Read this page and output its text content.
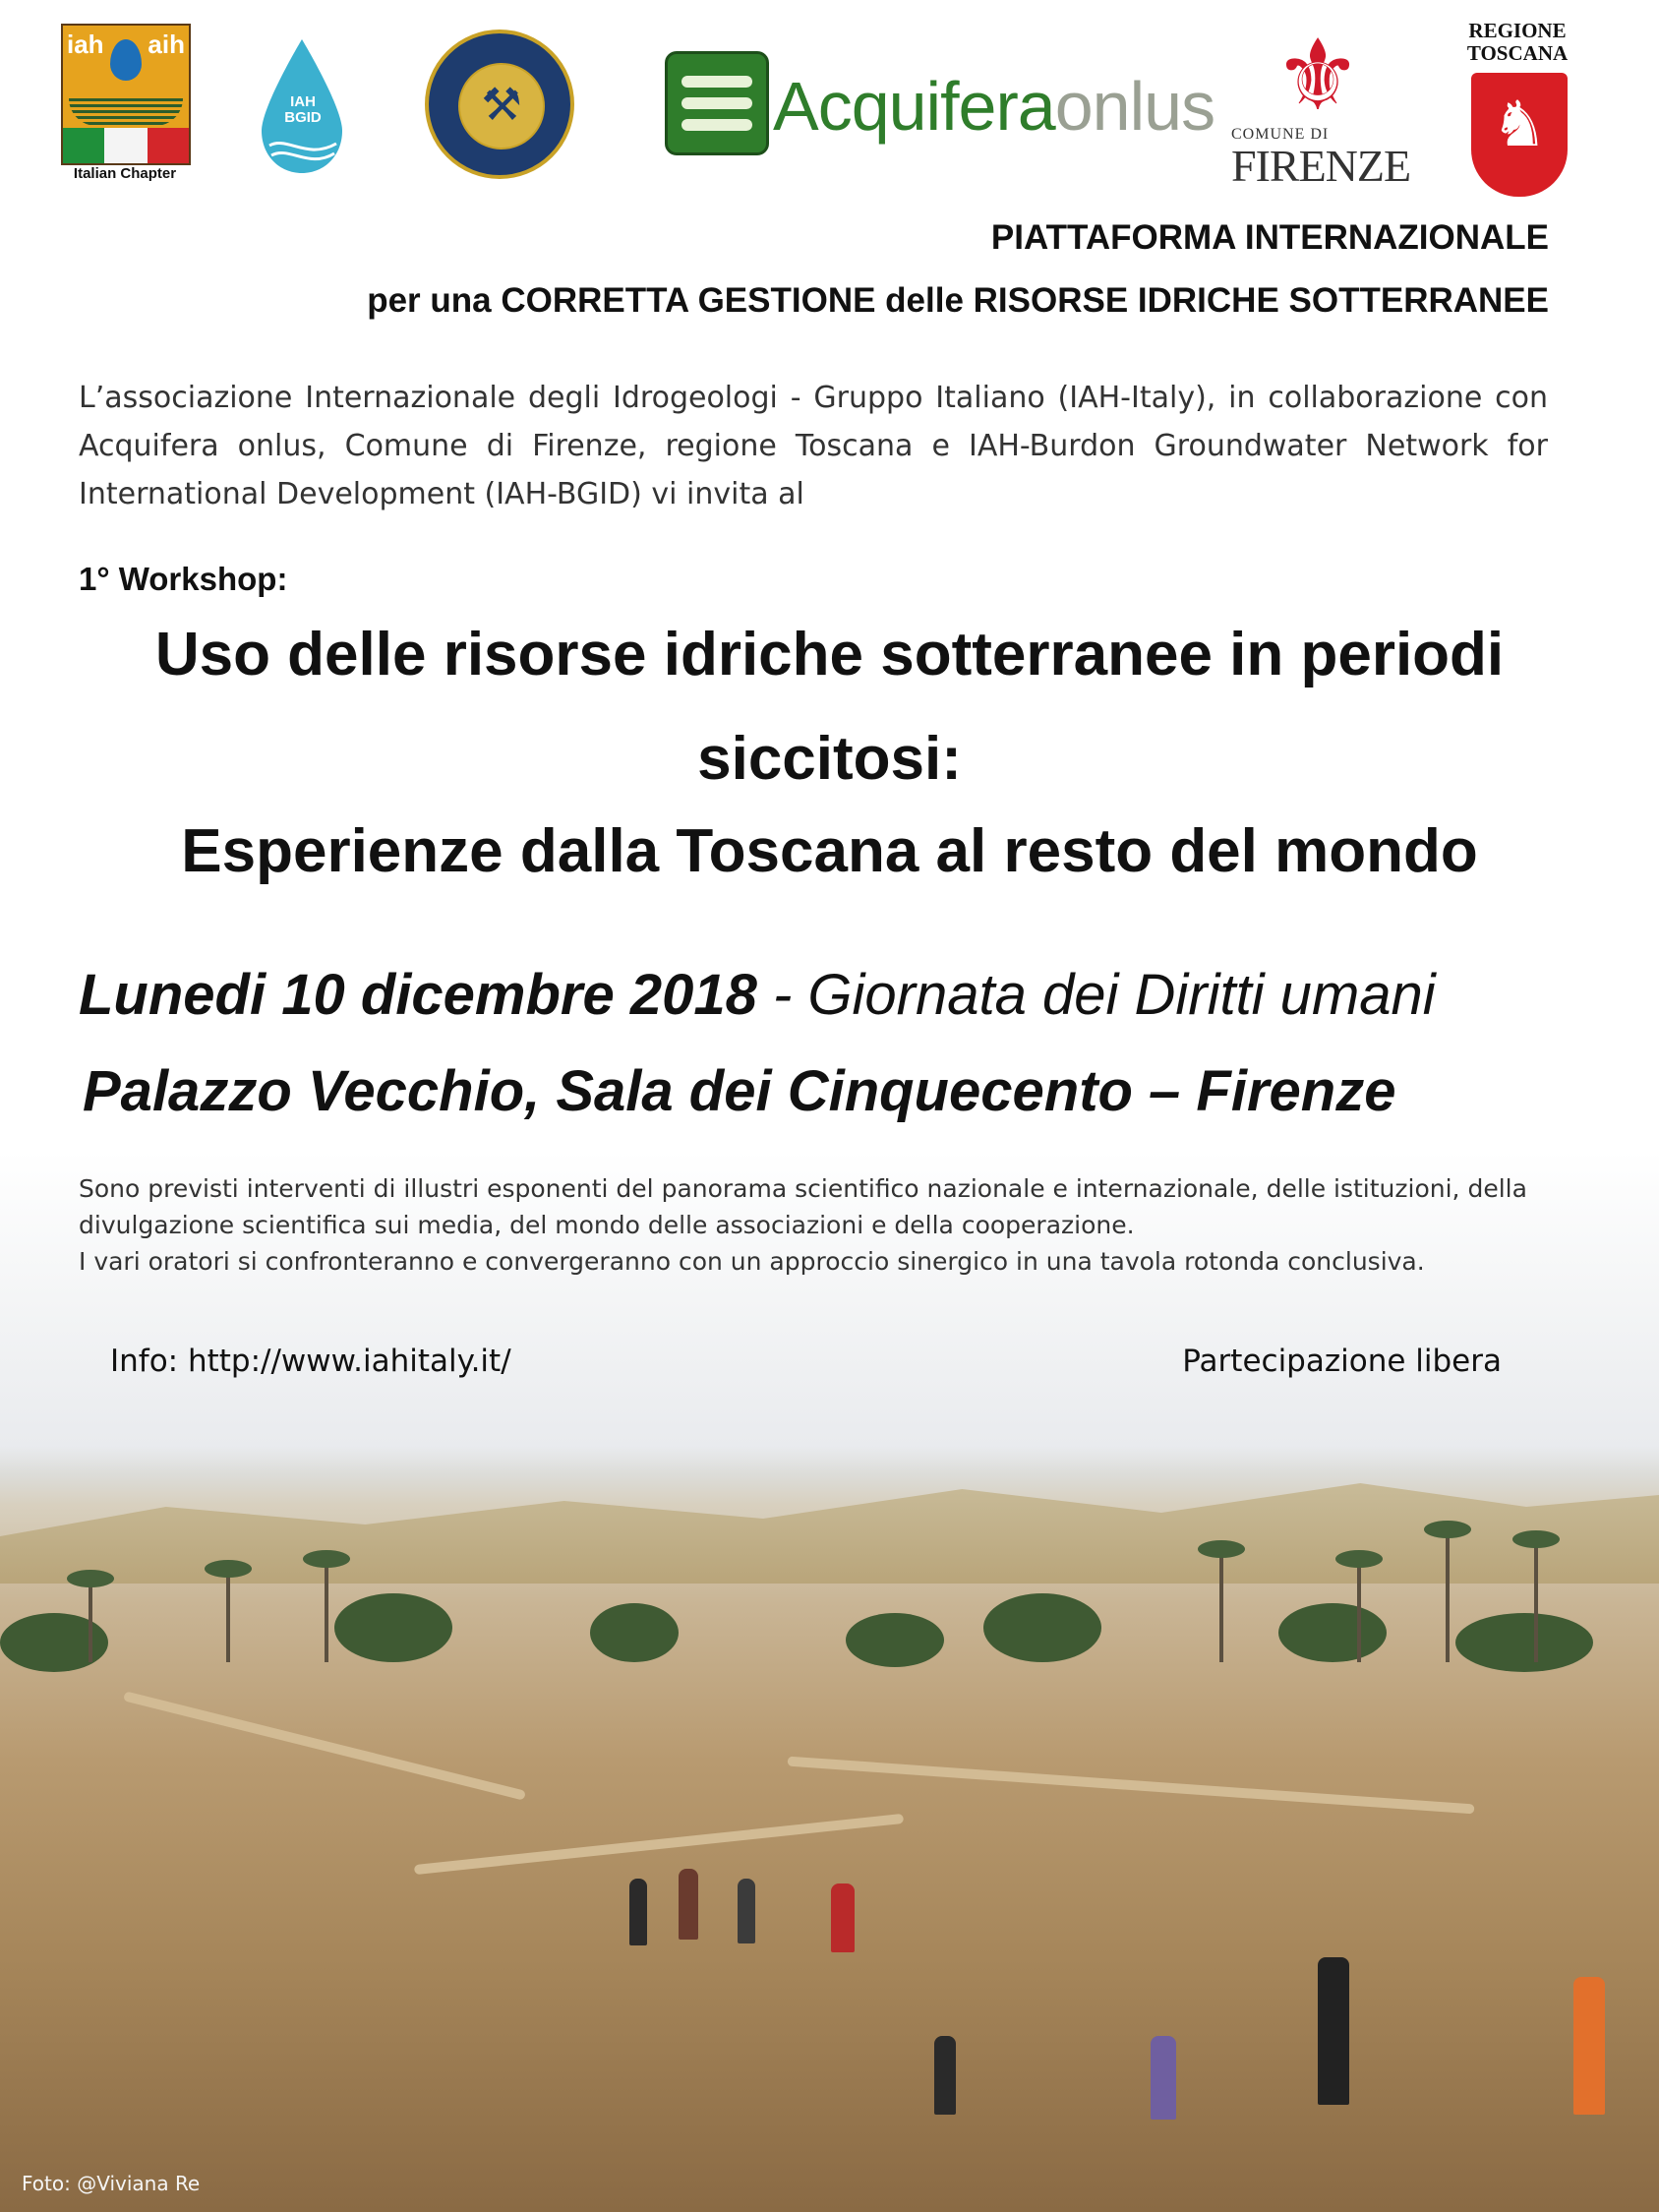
iah aih
Italian Chapter
IAH
BGID	⚒	Acquiferaonlus ⚜
COMUNE DI
FIRENZE
REGIONE
TOSCANA
♞
PIATTAFORMA INTERNAZIONALE
per una CORRETTA GESTIONE delle RISORSE IDRICHE SOTTERRANEE
L’associazione Internazionale degli Idrogeologi - Gruppo Italiano (IAH-Italy), in collaborazione con Acquifera onlus, Comune di Firenze, regione Toscana e IAH-Burdon Groundwater Network for International Development (IAH-BGID) vi invita al
1° Workshop:
Uso delle risorse idriche sotterranee in periodi
siccitosi:
Esperienze dalla Toscana al resto del mondo
Lunedi 10 dicembre 2018 - Giornata dei Diritti umani
Palazzo Vecchio, Sala dei Cinquecento – Firenze
Sono previsti interventi di illustri esponenti del panorama scientifico nazionale e internazionale, delle istituzioni, della divulgazione scientifica sui media, del mondo delle associazioni e della cooperazione.
I vari oratori si confronteranno e convergeranno con un approccio sinergico in una tavola rotonda conclusiva.
Info: http://www.iahitaly.it/	Partecipazione libera
Foto: @Viviana Re
